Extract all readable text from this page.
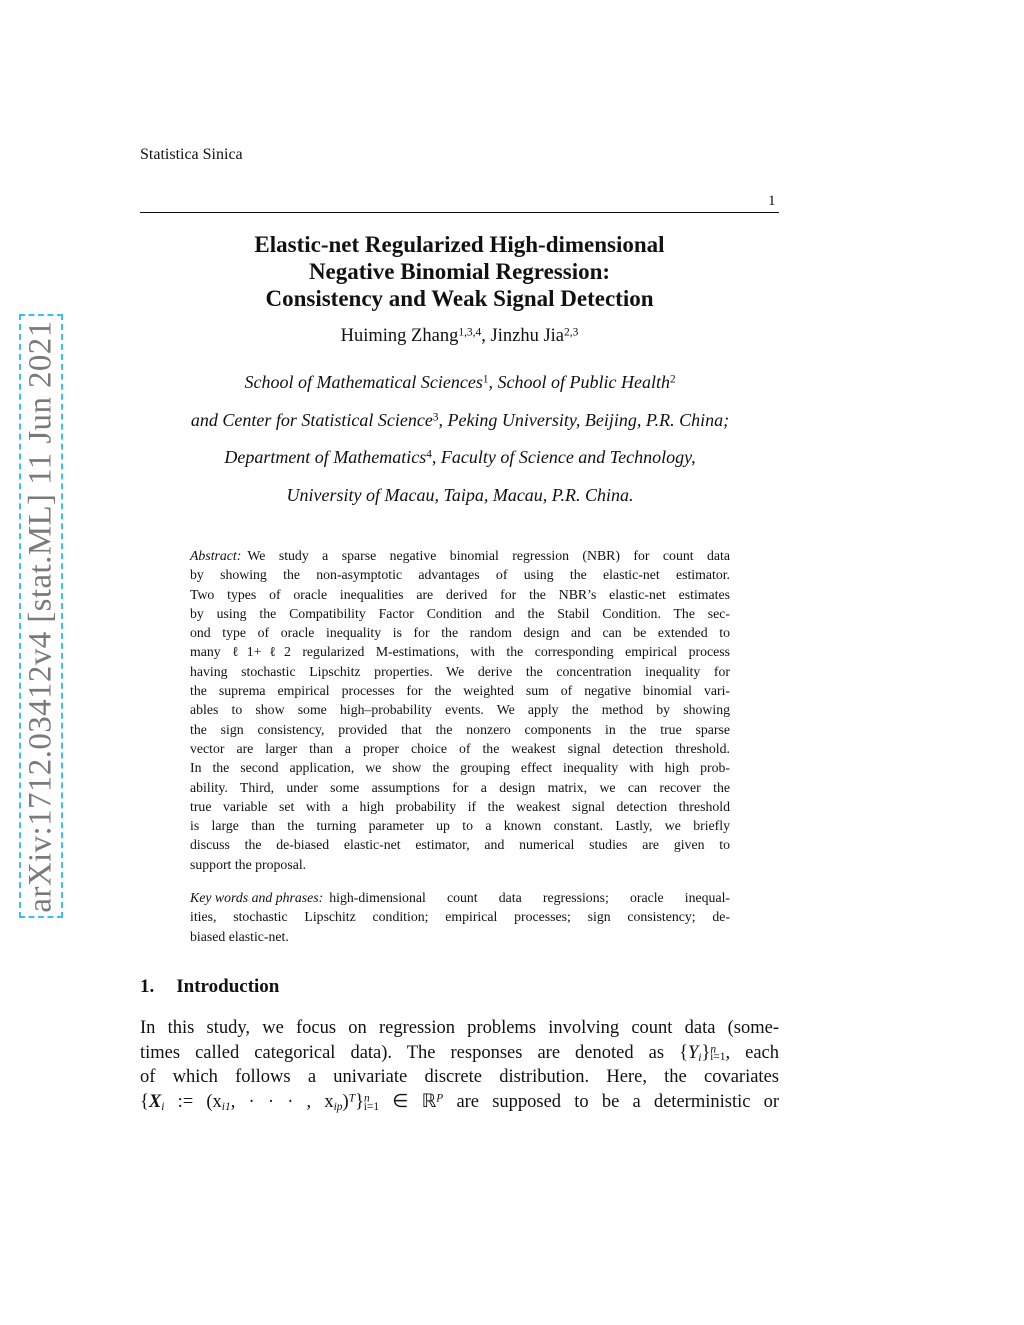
arXiv:1712.03412v4 [stat.ML] 11 Jun 2021
Statistica Sinica
1
Elastic-net Regularized High-dimensional
Negative Binomial Regression:
Consistency and Weak Signal Detection
Huiming Zhang$^{1,3,4}$, Jinzhu Jia$^{2,3}$
School of Mathematical Sciences$^1$, School of Public Health$^2$
and Center for Statistical Science$^3$, Peking University, Beijing, P.R. China;
Department of Mathematics$^4$, Faculty of Science and Technology,
University of Macau, Taipa, Macau, P.R. China.
Abstract: We study a sparse negative binomial regression (NBR) for count data
by showing the non-asymptotic advantages of using the elastic-net estimator.
Two types of oracle inequalities are derived for the NBR’s elastic-net estimates
by using the Compatibility Factor Condition and the Stabil Condition. The sec-
ond type of oracle inequality is for the random design and can be extended to
many ℓ1+ℓ2 regularized M-estimations, with the corresponding empirical process
having stochastic Lipschitz properties. We derive the concentration inequality for
the suprema empirical processes for the weighted sum of negative binomial vari-
ables to show some high–probability events. We apply the method by showing
the sign consistency, provided that the nonzero components in the true sparse
vector are larger than a proper choice of the weakest signal detection threshold.
In the second application, we show the grouping effect inequality with high prob-
ability. Third, under some assumptions for a design matrix, we can recover the
true variable set with a high probability if the weakest signal detection threshold
is large than the turning parameter up to a known constant. Lastly, we briefly
discuss the de-biased elastic-net estimator, and numerical studies are given to
support the proposal.
Key words and phrases: high-dimensional count data regressions; oracle inequal-
ities, stochastic Lipschitz condition; empirical processes; sign consistency; de-
biased elastic-net.
1. Introduction
In this study, we focus on regression problems involving count data (some-
times called categorical data). The responses are denoted as $\{Y_i\}^n_{i=1}$, each
of which follows a univariate discrete distribution. Here, the covariates
{$X_i$ := ($x_{i1}$, · · · , $x_{ip})^T\}^n_{i=1}$ ∈ ℝ$^P$ are supposed to be a deterministic or
